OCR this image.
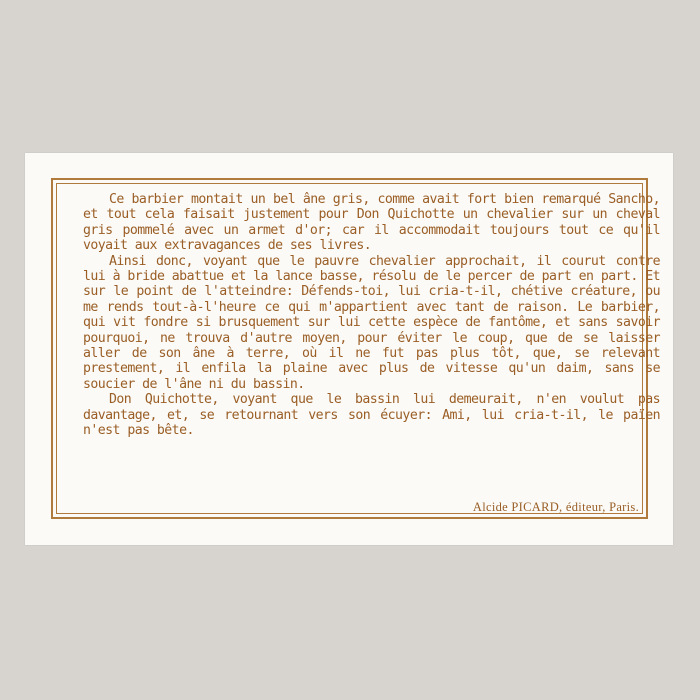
Ce barbier montait un bel âne gris, comme avait fort bien remarqué Sancho, et tout cela faisait justement pour Don Quichotte un chevalier sur un cheval gris pommelé avec un armet d'or; car il accommodait toujours tout ce qu'il voyait aux extravagances de ses livres.

Ainsi donc, voyant que le pauvre chevalier approchait, il courut contre lui à bride abattue et la lance basse, résolu de le percer de part en part. Et sur le point de l'atteindre: Défends-toi, lui cria-t-il, chétive créature, ou me rends tout-à-l'heure ce qui m'appartient avec tant de raison. Le barbier, qui vit fondre si brusquement sur lui cette espèce de fantôme, et sans savoir pourquoi, ne trouva d'autre moyen, pour éviter le coup, que de se laisser aller de son âne à terre, où il ne fut pas plus tôt, que, se relevant prestement, il enfila la plaine avec plus de vitesse qu'un daim, sans se soucier de l'âne ni du bassin.

Don Quichotte, voyant que le bassin lui demeurait, n'en voulut pas davantage, et, se retournant vers son écuyer: Ami, lui cria-t-il, le païen n'est pas bête.

Alcide PICARD, éditeur, Paris.
